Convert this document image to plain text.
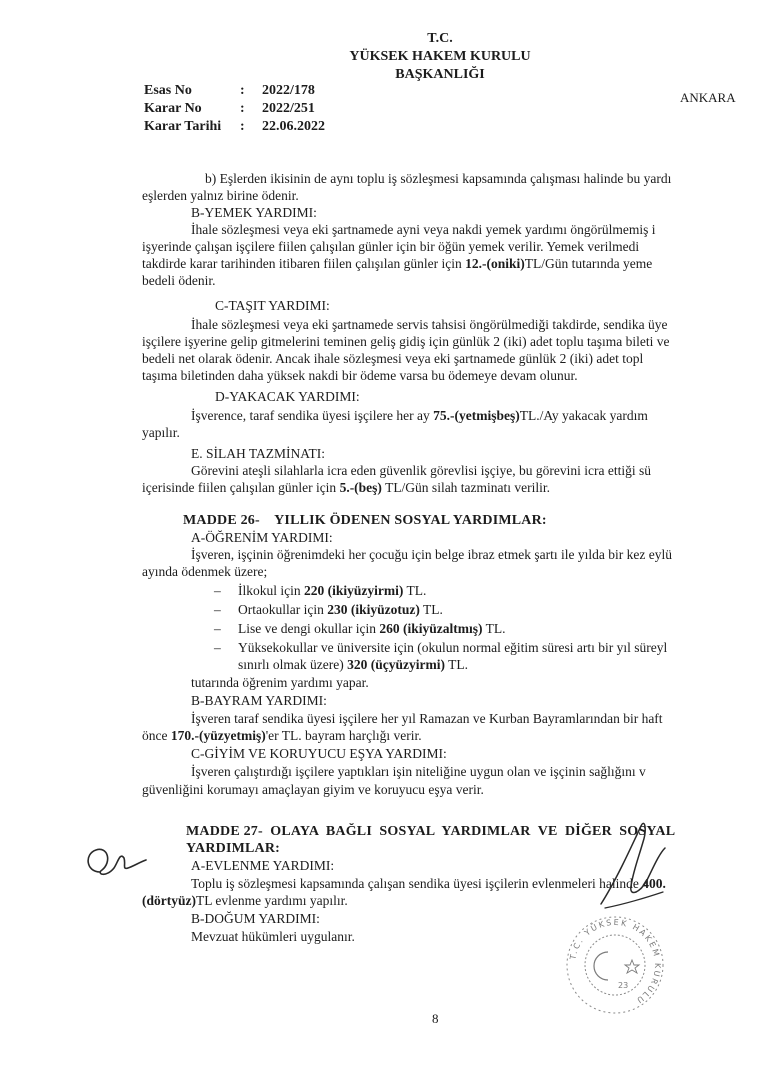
T.C.
YÜKSEK HAKEM KURULU
BAŞKANLIĞI
ANKARA
Esas No	: 2022/178
Karar No	: 2022/251
Karar Tarihi : 22.06.2022
b) Eşlerden ikisinin de aynı toplu iş sözleşmesi kapsamında çalışması halinde bu yardı
eşlerden yalnız birine ödenir.
B-YEMEK YARDIMI:
İhale sözleşmesi veya eki şartnamede ayni veya nakdi yemek yardımı öngörülmemiş i
işyerinde çalışan işçilere fiilen çalışılan günler için bir öğün yemek verilir. Yemek verilmedi
takdirde karar tarihinden itibaren fiilen çalışılan günler için 12.-(oniki)TL/Gün tutarında yeme
bedeli ödenir.
C-TAŞIT YARDIMI:
İhale sözleşmesi veya eki şartnamede servis tahsisi öngörülmediği takdirde, sendika üye
işçilere işyerine gelip gitmelerini teminen geliş gidiş için günlük 2 (iki) adet toplu taşıma bileti ve
bedeli net olarak ödenir. Ancak ihale sözleşmesi veya eki şartnamede günlük 2 (iki) adet topl
taşıma biletinden daha yüksek nakdi bir ödeme varsa bu ödemeye devam olunur.
D-YAKACAK YARDIMI:
İşverence, taraf sendika üyesi işçilere her ay 75.-(yetmişbeş)TL./Ay yakacak yardım
yapılır.
E. SİLAH TAZMİNATI:
Görevini ateşli silahlarla icra eden güvenlik görevlisi işçiye, bu görevini icra ettiği sü
içerisinde fiilen çalışılan günler için 5.-(beş) TL/Gün silah tazminatı verilir.
MADDE 26-    YILLIK ÖDENEN SOSYAL YARDIMLAR:
A-ÖĞRENİM YARDIMI:
İşveren, işçinin öğrenimdeki her çocuğu için belge ibraz etmek şartı ile yılda bir kez eylü
ayında ödenmek üzere;
– İlkokul için 220 (ikiyüzyirmi) TL.
– Ortaokullar için 230 (ikiyüzotuz) TL.
– Lise ve dengi okullar için 260 (ikiyüzaltmış) TL.
– Yüksekokullar ve üniversite için (okulun normal eğitim süresi artı bir yıl süreyl
sınırlı olmak üzere) 320 (üçyüzyirmi) TL.
tutarında öğrenim yardımı yapar.
B-BAYRAM YARDIMI:
İşveren taraf sendika üyesi işçilere her yıl Ramazan ve Kurban Bayramlarından bir haft
önce 170.-(yüzyetmiş)'er TL. bayram harçlığı verir.
C-GİYİM VE KORUYUCU EŞYA YARDIMI:
İşveren çalıştırdığı işçilere yaptıkları işin niteliğine uygun olan ve işçinin sağlığını v
güvenliğini korumayı amaçlayan giyim ve koruyucu eşya verir.
MADDE 27-  OLAYA  BAĞLI  SOSYAL  YARDIMLAR  VE  DİĞER  SOSYAL
YARDIMLAR:
A-EVLENME YARDIMI:
Toplu iş sözleşmesi kapsamında çalışan sendika üyesi işçilerin evlenmeleri halinde 400.
(dörtyüz)TL evlenme yardımı yapılır.
B-DOĞUM YARDIMI:
Mevzuat hükümleri uygulanır.
T.C. YÜKSEK HAKEM KURULU
23
8
